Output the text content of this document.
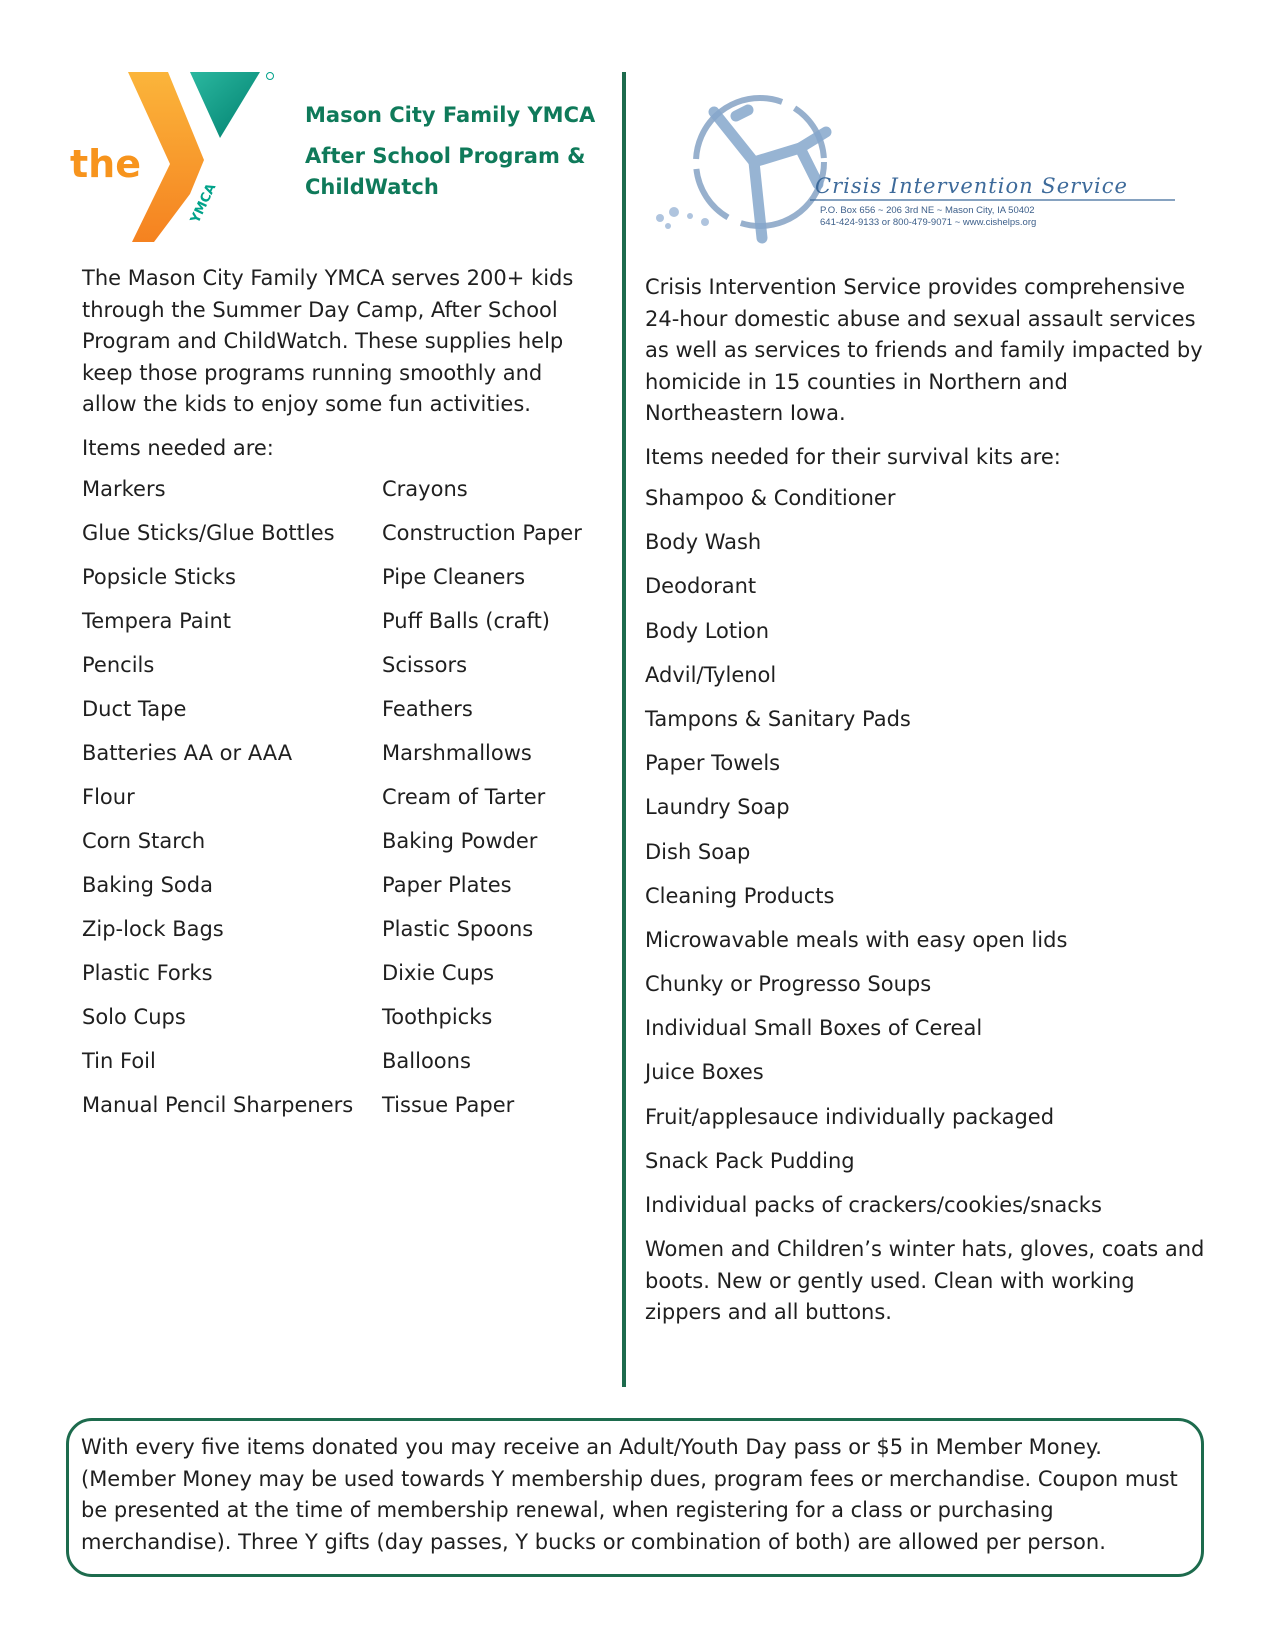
the
YMCA
Mason City Family YMCA
After School Program &
ChildWatch

The Mason City Family YMCA serves 200+ kids through the Summer Day Camp, After School Program and ChildWatch. These supplies help keep those programs running smoothly and allow the kids to enjoy some fun activities.

Items needed are:

Markers	Crayons
Glue Sticks/Glue Bottles	Construction Paper
Popsicle Sticks	Pipe Cleaners
Tempera Paint	Puff Balls (craft)
Pencils	Scissors
Duct Tape	Feathers
Batteries AA or AAA	Marshmallows
Flour	Cream of Tarter
Corn Starch	Baking Powder
Baking Soda	Paper Plates
Zip-lock Bags	Plastic Spoons
Plastic Forks	Dixie Cups
Solo Cups	Toothpicks
Tin Foil	Balloons
Manual Pencil Sharpeners	Tissue Paper
Crisis Intervention Service
P.O. Box 656 ~ 206 3rd NE ~ Mason City, IA 50402
641-424-9133 or 800-479-9071 ~ www.cishelps.org

Crisis Intervention Service provides comprehensive 24-hour domestic abuse and sexual assault services as well as services to friends and family impacted by homicide in 15 counties in Northern and Northeastern Iowa.

Items needed for their survival kits are:

Shampoo & Conditioner
Body Wash
Deodorant
Body Lotion
Advil/Tylenol
Tampons & Sanitary Pads
Paper Towels
Laundry Soap
Dish Soap
Cleaning Products
Microwavable meals with easy open lids
Chunky or Progresso Soups
Individual Small Boxes of Cereal
Juice Boxes
Fruit/applesauce individually packaged
Snack Pack Pudding
Individual packs of crackers/cookies/snacks
Women and Children’s winter hats, gloves, coats and boots. New or gently used. Clean with working zippers and all buttons.
With every five items donated you may receive an Adult/Youth Day pass or $5 in Member Money. (Member Money may be used towards Y membership dues, program fees or merchandise. Coupon must be presented at the time of membership renewal, when registering for a class or purchasing merchandise). Three Y gifts (day passes, Y bucks or combination of both) are allowed per person.
